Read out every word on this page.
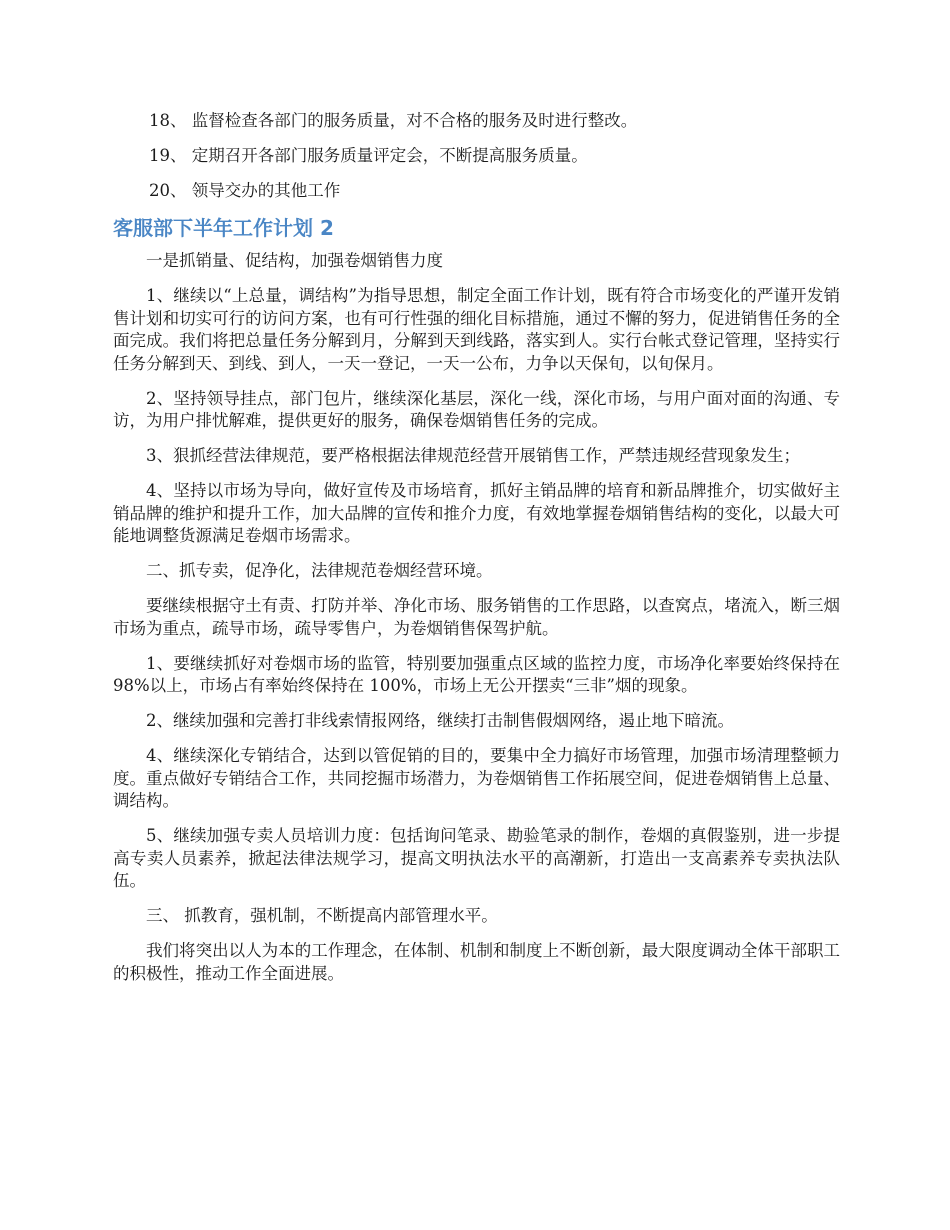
18、 监督检查各部门的服务质量，对不合格的服务及时进行整改。

19、 定期召开各部门服务质量评定会，不断提高服务质量。

20、 领导交办的其他工作

客服部下半年工作计划 2

一是抓销量、促结构，加强卷烟销售力度

1、继续以“上总量，调结构”为指导思想，制定全面工作计划，既有符合市场变化的严谨开发销售计划和切实可行的访问方案，也有可行性强的细化目标措施，通过不懈的努力，促进销售任务的全面完成。我们将把总量任务分解到月，分解到天到线路，落实到人。实行台帐式登记管理，坚持实行任务分解到天、到线、到人，一天一登记，一天一公布，力争以天保旬，以旬保月。

2、坚持领导挂点，部门包片，继续深化基层，深化一线，深化市场，与用户面对面的沟通、专访，为用户排忧解难，提供更好的服务，确保卷烟销售任务的完成。

3、狠抓经营法律规范，要严格根据法律规范经营开展销售工作，严禁违规经营现象发生；

4、坚持以市场为导向，做好宣传及市场培育，抓好主销品牌的培育和新品牌推介，切实做好主销品牌的维护和提升工作，加大品牌的宣传和推介力度，有效地掌握卷烟销售结构的变化，以最大可能地调整货源满足卷烟市场需求。

二、抓专卖，促净化，法律规范卷烟经营环境。

要继续根据守土有责、打防并举、净化市场、服务销售的工作思路，以查窝点，堵流入，断三烟市场为重点，疏导市场，疏导零售户，为卷烟销售保驾护航。

1、要继续抓好对卷烟市场的监管，特别要加强重点区域的监控力度，市场净化率要始终保持在 98%以上，市场占有率始终保持在 100%，市场上无公开摆卖“三非”烟的现象。

2、继续加强和完善打非线索情报网络，继续打击制售假烟网络，遏止地下暗流。

4、继续深化专销结合，达到以管促销的目的，要集中全力搞好市场管理，加强市场清理整顿力度。重点做好专销结合工作，共同挖掘市场潜力，为卷烟销售工作拓展空间，促进卷烟销售上总量、调结构。

5、继续加强专卖人员培训力度：包括询问笔录、勘验笔录的制作，卷烟的真假鉴别，进一步提高专卖人员素养，掀起法律法规学习，提高文明执法水平的高潮新，打造出一支高素养专卖执法队伍。

三、 抓教育，强机制，不断提高内部管理水平。

我们将突出以人为本的工作理念，在体制、机制和制度上不断创新，最大限度调动全体干部职工的积极性，推动工作全面进展。
